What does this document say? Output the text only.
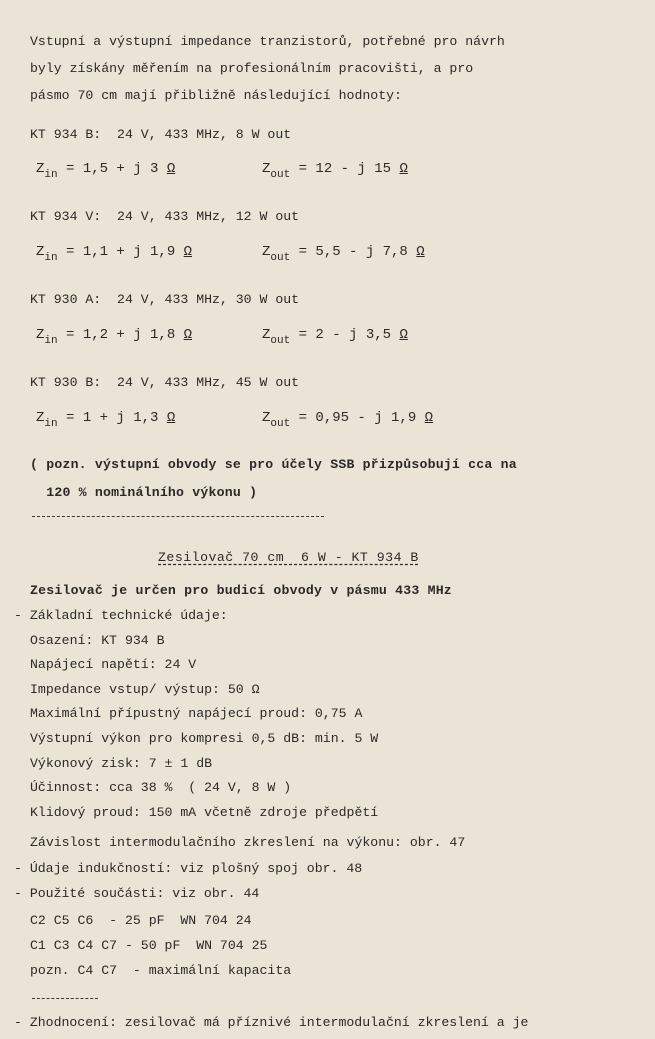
Vstupní a výstupní impedance tranzistorů, potřebné pro návrh
byly získány měřením na profesionálním pracovišti, a pro
pásmo 70 cm mají přibližně následující hodnoty:
KT 934 B:  24 V, 433 MHz, 8 W out
$Z_{in} = 1,5 + j$ 3 Ω	$Z_{out} = 12 - j$ 15 Ω
KT 934 V:  24 V, 433 MHz, 12 W out
$Z_{in} = 1,1 + j$ 1,9 Ω	$Z_{out} = 5,5 - j$ 7,8 Ω
KT 930 A:  24 V, 433 MHz, 30 W out
$Z_{in} = 1,2 + j$ 1,8 Ω	$Z_{out} = 2 - j$ 3,5 Ω
KT 930 B:  24 V, 433 MHz, 45 W out
$Z_{in} = 1 + j$ 1,3 Ω	$Z_{out} = 0,95 - j$ 1,9 Ω
( pozn. výstupní obvody se pro účely SSB přizpůsobují cca na
120 % nominálního výkonu )
Zesilovač 70 cm  6 W - KT 934 B
Zesilovač je určen pro budicí obvody v pásmu 433 MHz
- Základní technické údaje:
Osazení: KT 934 B
Napájecí napětí: 24 V
Impedance vstup/ výstup: 50 Ω
Maximální přípustný napájecí proud: 0,75 A
Výstupní výkon pro kompresi 0,5 dB: min. 5 W
Výkonový zisk: 7 ± 1 dB
Účinnost: cca 38 %  ( 24 V, 8 W )
Klidový proud: 150 mA včetně zdroje předpětí
Závislost intermodulačního zkreslení na výkonu: obr. 47
- Údaje indukčností: viz plošný spoj obr. 48
- Použité součásti: viz obr. 44
C2 C5 C6  - 25 pF  WN 704 24
C1 C3 C4 C7 - 50 pF  WN 704 25
pozn. C4 C7  - maximální kapacita
- Zhodnocení: zesilovač má příznivé intermodulační zkreslení a je
